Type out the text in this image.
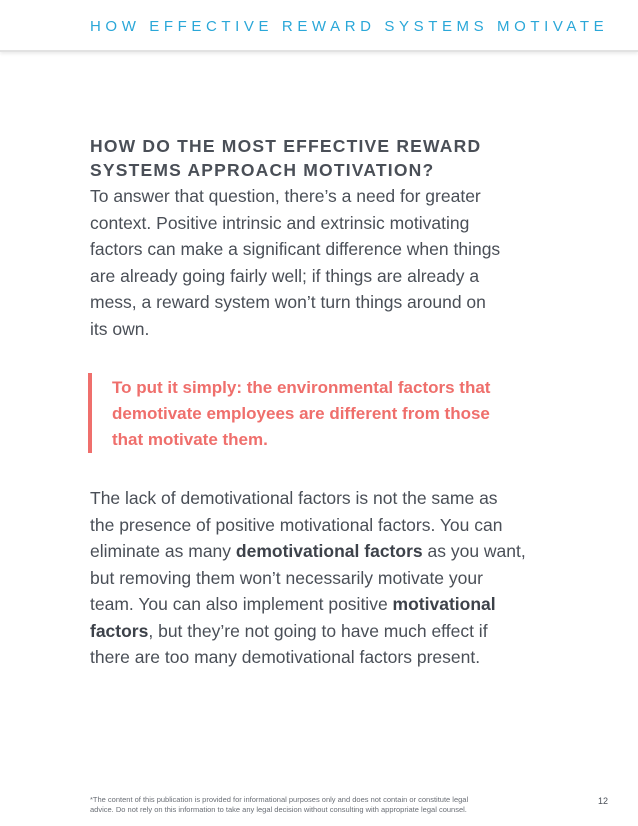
HOW EFFECTIVE REWARD SYSTEMS MOTIVATE
HOW DO THE MOST EFFECTIVE REWARD
SYSTEMS APPROACH MOTIVATION?

To answer that question, there’s a need for greater
context. Positive intrinsic and extrinsic motivating
factors can make a significant difference when things
are already going fairly well; if things are already a
mess, a reward system won’t turn things around on
its own.

To put it simply: the environmental factors that
demotivate employees are different from those
that motivate them.

The lack of demotivational factors is not the same as
the presence of positive motivational factors. You can
eliminate as many demotivational factors as you want,
but removing them won’t necessarily motivate your
team. You can also implement positive motivational
factors, but they’re not going to have much effect if
there are too many demotivational factors present.

*The content of this publication is provided for informational purposes only and does not contain or constitute legal
advice. Do not rely on this information to take any legal decision without consulting with appropriate legal counsel.

12
